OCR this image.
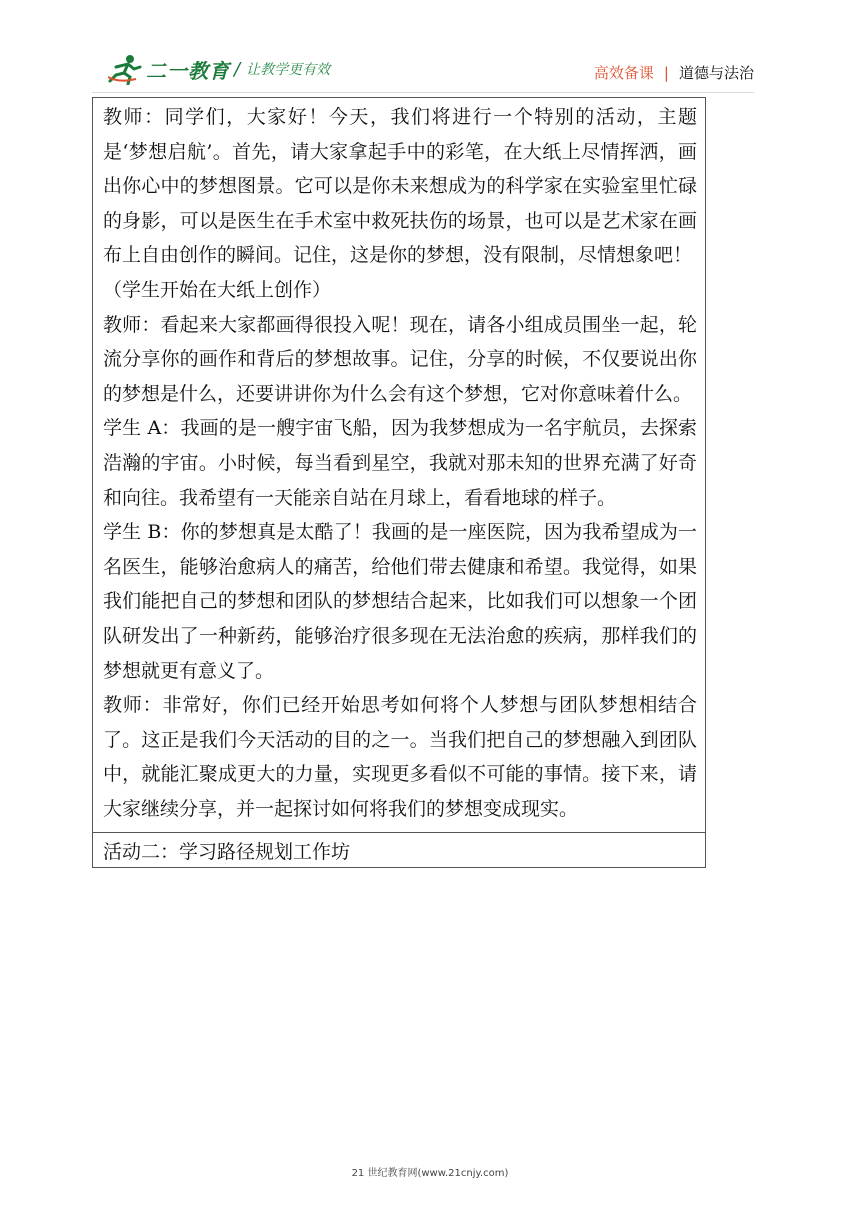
二一教育 / 让教学更有效	高效备课 | 道德与法治

教师：同学们，大家好！今天，我们将进行一个特别的活动，主题是‘梦想启航’。首先，请大家拿起手中的彩笔，在大纸上尽情挥洒，画出你心中的梦想图景。它可以是你未来想成为的科学家在实验室里忙碌的身影，可以是医生在手术室中救死扶伤的场景，也可以是艺术家在画布上自由创作的瞬间。记住，这是你的梦想，没有限制，尽情想象吧！

（学生开始在大纸上创作）

教师：看起来大家都画得很投入呢！现在，请各小组成员围坐一起，轮流分享你的画作和背后的梦想故事。记住，分享的时候，不仅要说出你的梦想是什么，还要讲讲你为什么会有这个梦想，它对你意味着什么。

学生 A：我画的是一艘宇宙飞船，因为我梦想成为一名宇航员，去探索浩瀚的宇宙。小时候，每当看到星空，我就对那未知的世界充满了好奇和向往。我希望有一天能亲自站在月球上，看看地球的样子。

学生 B：你的梦想真是太酷了！我画的是一座医院，因为我希望成为一名医生，能够治愈病人的痛苦，给他们带去健康和希望。我觉得，如果我们能把自己的梦想和团队的梦想结合起来，比如我们可以想象一个团队研发出了一种新药，能够治疗很多现在无法治愈的疾病，那样我们的梦想就更有意义了。

教师：非常好，你们已经开始思考如何将个人梦想与团队梦想相结合了。这正是我们今天活动的目的之一。当我们把自己的梦想融入到团队中，就能汇聚成更大的力量，实现更多看似不可能的事情。接下来，请大家继续分享，并一起探讨如何将我们的梦想变成现实。

活动二：学习路径规划工作坊

21 世纪教育网(www.21cnjy.com)
